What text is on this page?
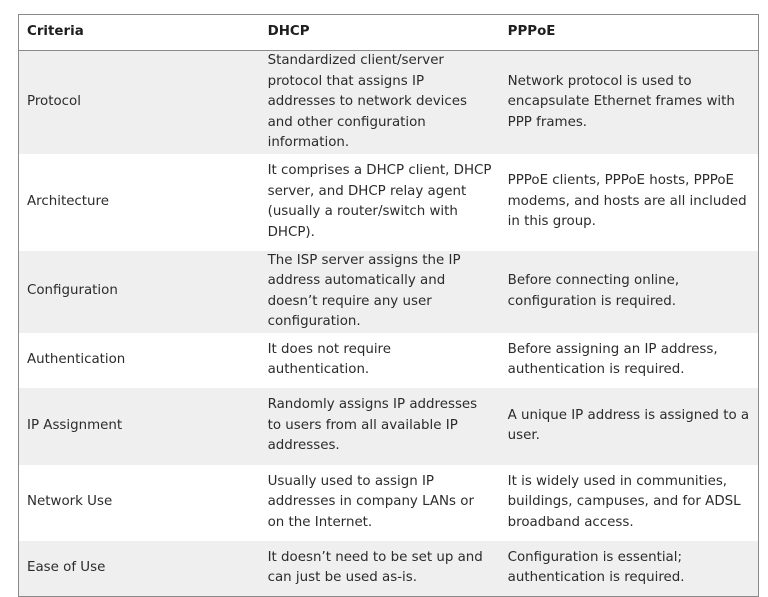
Criteria	DHCP	PPPoE
Protocol	Standardized client/server protocol that assigns IP addresses to network devices and other configuration information.	Network protocol is used to encapsulate Ethernet frames with PPP frames.
Architecture	It comprises a DHCP client, DHCP server, and DHCP relay agent (usually a router/switch with DHCP).	PPPoE clients, PPPoE hosts, PPPoE modems, and hosts are all included in this group.
Configuration	The ISP server assigns the IP address automatically and doesn’t require any user configuration.	Before connecting online, configuration is required.
Authentication	It does not require authentication.	Before assigning an IP address, authentication is required.
IP Assignment	Randomly assigns IP addresses to users from all available IP addresses.	A unique IP address is assigned to a user.
Network Use	Usually used to assign IP addresses in company LANs or on the Internet.	It is widely used in communities, buildings, campuses, and for ADSL broadband access.
Ease of Use	It doesn’t need to be set up and can just be used as-is.	Configuration is essential; authentication is required.
